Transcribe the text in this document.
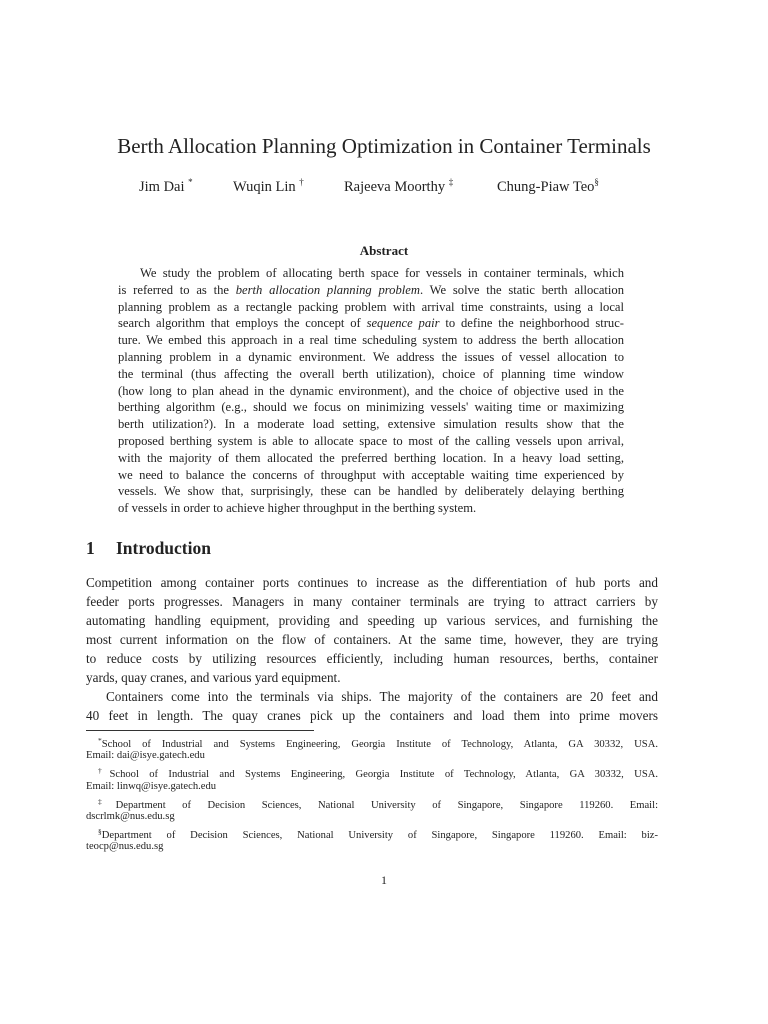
Berth Allocation Planning Optimization in Container Terminals
Jim Dai *	Wuqin Lin †	Rajeeva Moorthy ‡	Chung-Piaw Teo§
Abstract
We study the problem of allocating berth space for vessels in container terminals, which
is referred to as the berth allocation planning problem. We solve the static berth allocation
planning problem as a rectangle packing problem with arrival time constraints, using a local
search algorithm that employs the concept of sequence pair to define the neighborhood struc-
ture. We embed this approach in a real time scheduling system to address the berth allocation
planning problem in a dynamic environment. We address the issues of vessel allocation to
the terminal (thus affecting the overall berth utilization), choice of planning time window
(how long to plan ahead in the dynamic environment), and the choice of objective used in the
berthing algorithm (e.g., should we focus on minimizing vessels' waiting time or maximizing
berth utilization?). In a moderate load setting, extensive simulation results show that the
proposed berthing system is able to allocate space to most of the calling vessels upon arrival,
with the majority of them allocated the preferred berthing location. In a heavy load setting,
we need to balance the concerns of throughput with acceptable waiting time experienced by
vessels. We show that, surprisingly, these can be handled by deliberately delaying berthing
of vessels in order to achieve higher throughput in the berthing system.
1 Introduction
Competition among container ports continues to increase as the differentiation of hub ports and
feeder ports progresses. Managers in many container terminals are trying to attract carriers by
automating handling equipment, providing and speeding up various services, and furnishing the
most current information on the flow of containers. At the same time, however, they are trying
to reduce costs by utilizing resources efficiently, including human resources, berths, container
yards, quay cranes, and various yard equipment.
Containers come into the terminals via ships. The majority of the containers are 20 feet and
40 feet in length. The quay cranes pick up the containers and load them into prime movers
*School of Industrial and Systems Engineering, Georgia Institute of Technology, Atlanta, GA 30332, USA.
Email: dai@isye.gatech.edu
†School of Industrial and Systems Engineering, Georgia Institute of Technology, Atlanta, GA 30332, USA.
Email: linwq@isye.gatech.edu
‡Department of Decision Sciences, National University of Singapore, Singapore 119260. Email:
dscrlmk@nus.edu.sg
§Department of Decision Sciences, National University of Singapore, Singapore 119260. Email: biz-
teocp@nus.edu.sg
1
